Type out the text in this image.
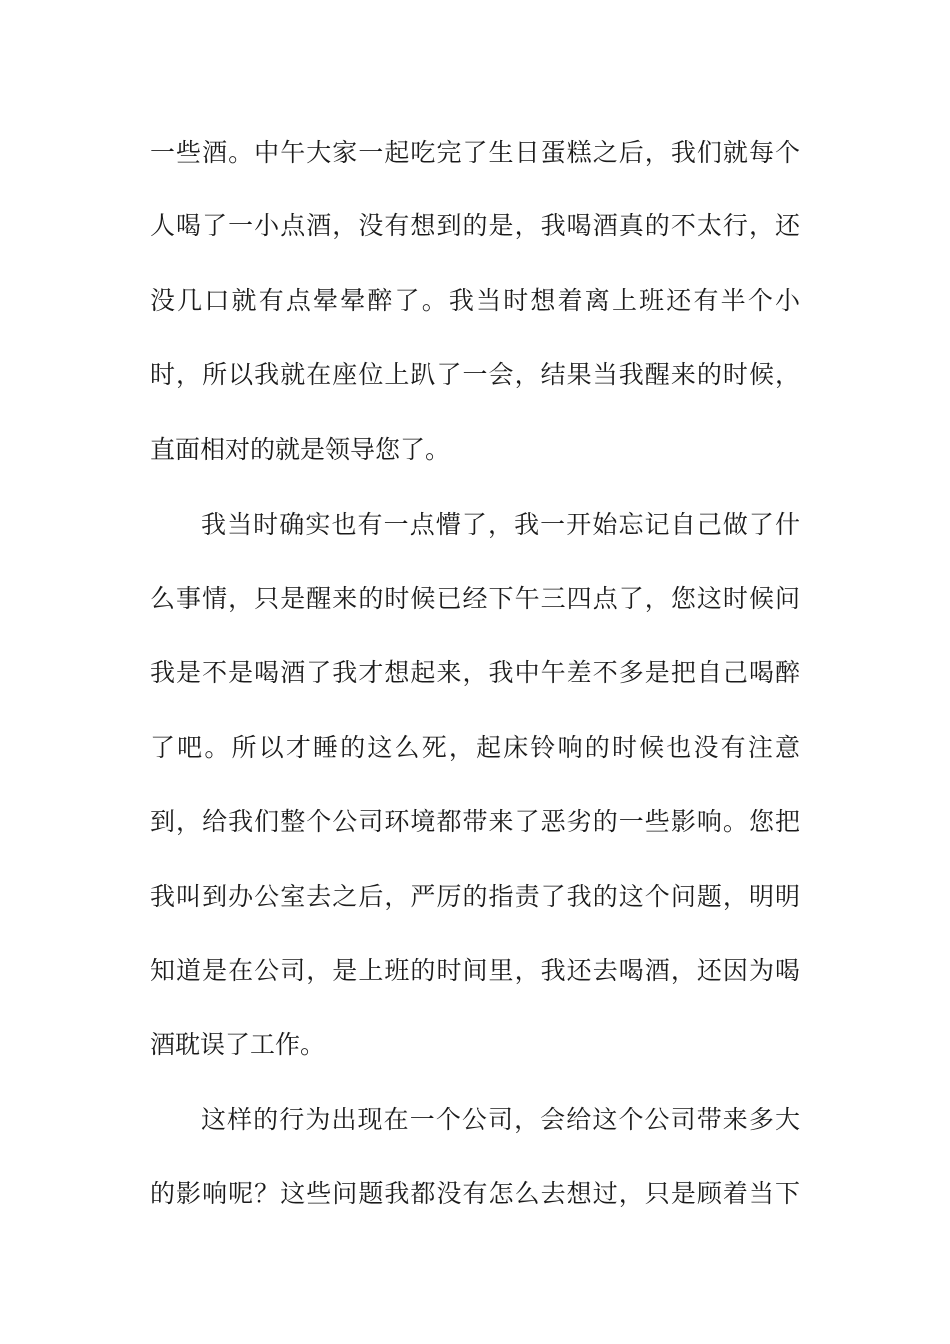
一些酒。中午大家一起吃完了生日蛋糕之后，我们就每个
人喝了一小点酒，没有想到的是，我喝酒真的不太行，还
没几口就有点晕晕醉了。我当时想着离上班还有半个小
时，所以我就在座位上趴了一会，结果当我醒来的时候，
直面相对的就是领导您了。
我当时确实也有一点懵了，我一开始忘记自己做了什
么事情，只是醒来的时候已经下午三四点了，您这时候问
我是不是喝酒了我才想起来，我中午差不多是把自己喝醉
了吧。所以才睡的这么死，起床铃响的时候也没有注意
到，给我们整个公司环境都带来了恶劣的一些影响。您把
我叫到办公室去之后，严厉的指责了我的这个问题，明明
知道是在公司，是上班的时间里，我还去喝酒，还因为喝
酒耽误了工作。
这样的行为出现在一个公司，会给这个公司带来多大
的影响呢？这些问题我都没有怎么去想过，只是顾着当下
